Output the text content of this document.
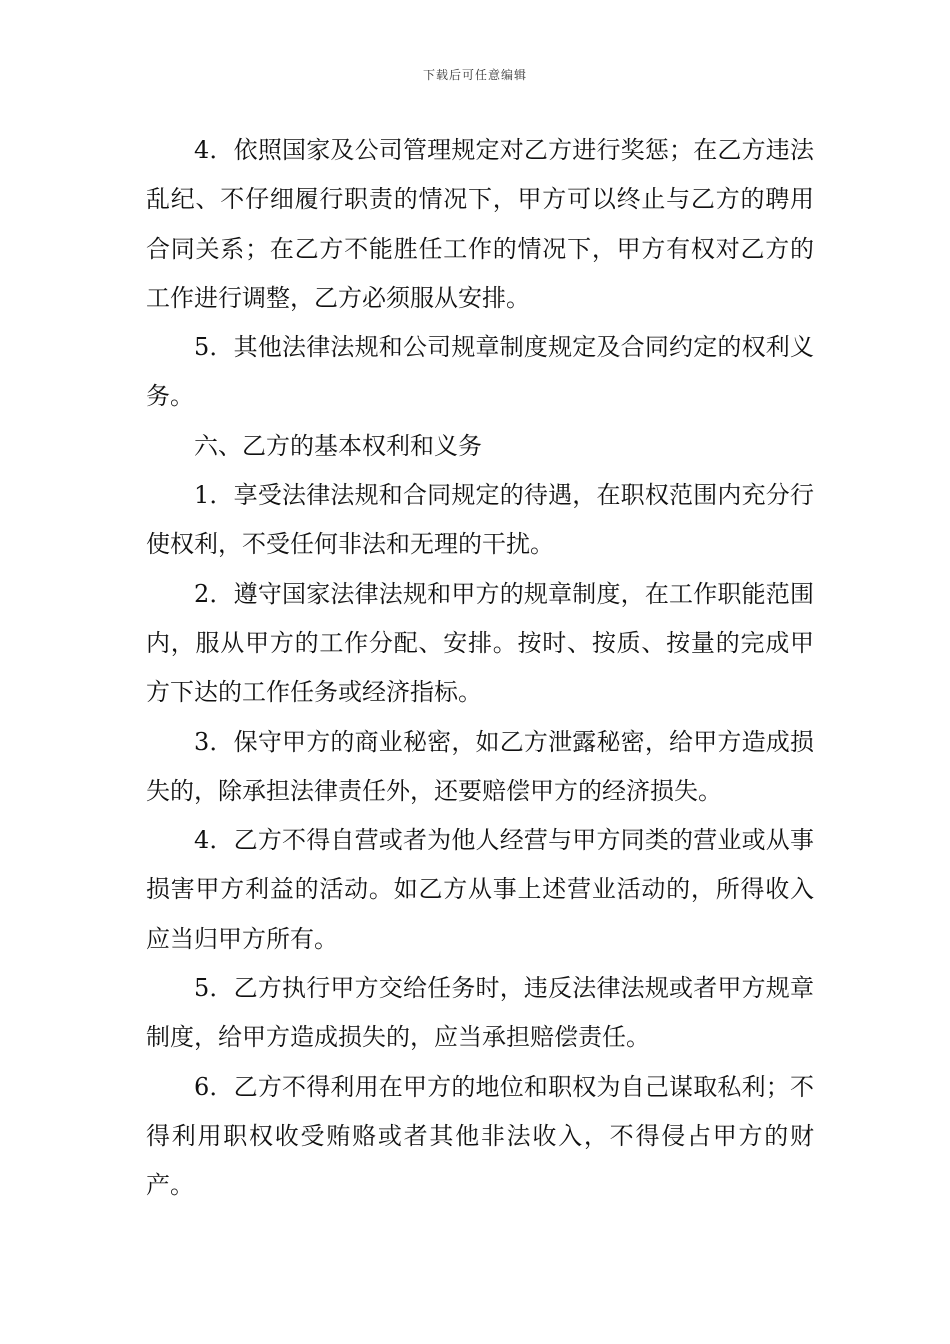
下载后可任意编辑

4．依照国家及公司管理规定对乙方进行奖惩；在乙方违法乱纪、不仔细履行职责的情况下，甲方可以终止与乙方的聘用合同关系；在乙方不能胜任工作的情况下，甲方有权对乙方的工作进行调整，乙方必须服从安排。

5．其他法律法规和公司规章制度规定及合同约定的权利义务。

六、乙方的基本权利和义务

1．享受法律法规和合同规定的待遇，在职权范围内充分行使权利，不受任何非法和无理的干扰。

2．遵守国家法律法规和甲方的规章制度，在工作职能范围内，服从甲方的工作分配、安排。按时、按质、按量的完成甲方下达的工作任务或经济指标。

3．保守甲方的商业秘密，如乙方泄露秘密，给甲方造成损失的，除承担法律责任外，还要赔偿甲方的经济损失。

4．乙方不得自营或者为他人经营与甲方同类的营业或从事损害甲方利益的活动。如乙方从事上述营业活动的，所得收入应当归甲方所有。

5．乙方执行甲方交给任务时，违反法律法规或者甲方规章制度，给甲方造成损失的，应当承担赔偿责任。

6．乙方不得利用在甲方的地位和职权为自己谋取私利；不得利用职权收受贿赂或者其他非法收入，不得侵占甲方的财产。
